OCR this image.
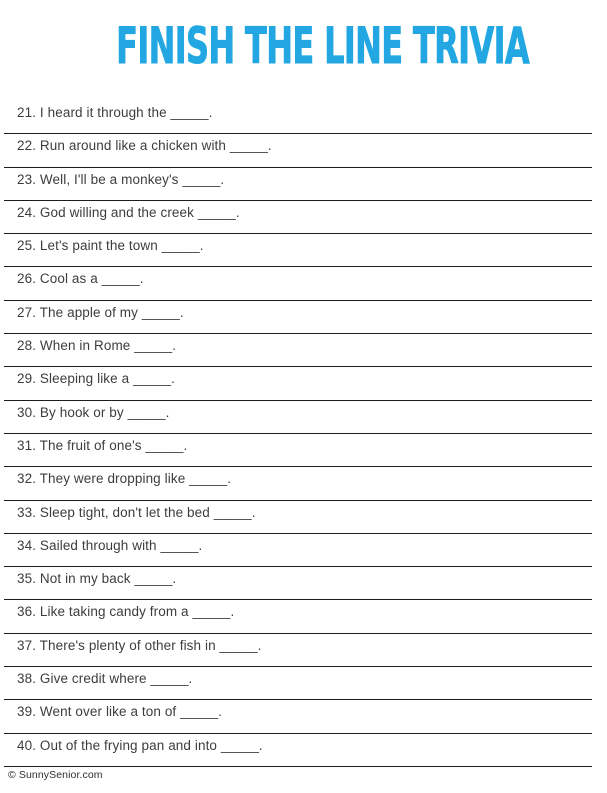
FINISH THE LINE TRIVIA
21. I heard it through the _____.
22. Run around like a chicken with _____.
23. Well, I'll be a monkey's _____.
24. God willing and the creek _____.
25. Let's paint the town _____.
26. Cool as a _____.
27. The apple of my _____.
28. When in Rome _____.
29. Sleeping like a _____.
30. By hook or by _____.
31. The fruit of one's _____.
32. They were dropping like _____.
33. Sleep tight, don't let the bed _____.
34. Sailed through with _____.
35. Not in my back _____.
36. Like taking candy from a _____.
37. There's plenty of other fish in _____.
38. Give credit where _____.
39. Went over like a ton of _____.
40. Out of the frying pan and into _____.
© SunnySenior.com
